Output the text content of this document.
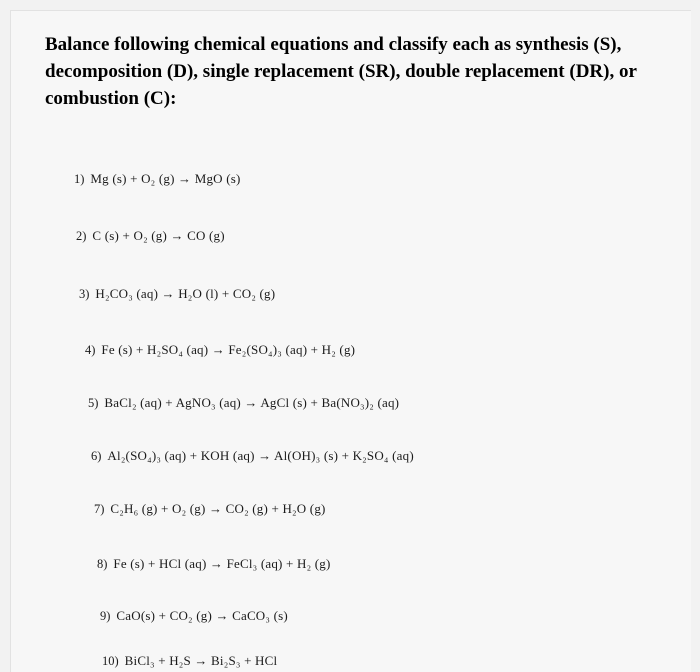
Balance following chemical equations and classify each as synthesis (S), decomposition (D), single replacement (SR), double replacement (DR), or combustion (C):

1) Mg (s) + O₂ (g) → MgO (s)
2) C (s) + O₂ (g) → CO (g)
3) H₂CO₃ (aq) → H₂O (l) + CO₂ (g)
4) Fe (s) + H₂SO₄ (aq) → Fe₂(SO₄)₃ (aq) + H₂ (g)
5) BaCl₂ (aq) + AgNO₃ (aq) → AgCl (s) + Ba(NO₃)₂ (aq)
6) Al₂(SO₄)₃ (aq) + KOH (aq) → Al(OH)₃ (s) + K₂SO₄ (aq)
7) C₂H₆ (g) + O₂ (g) → CO₂ (g) + H₂O (g)
8) Fe (s) + HCl (aq) → FeCl₃ (aq) + H₂ (g)
9) CaO(s) + CO₂ (g) → CaCO₃ (s)
10) BiCl₃ + H₂S → Bi₂S₃ + HCl
